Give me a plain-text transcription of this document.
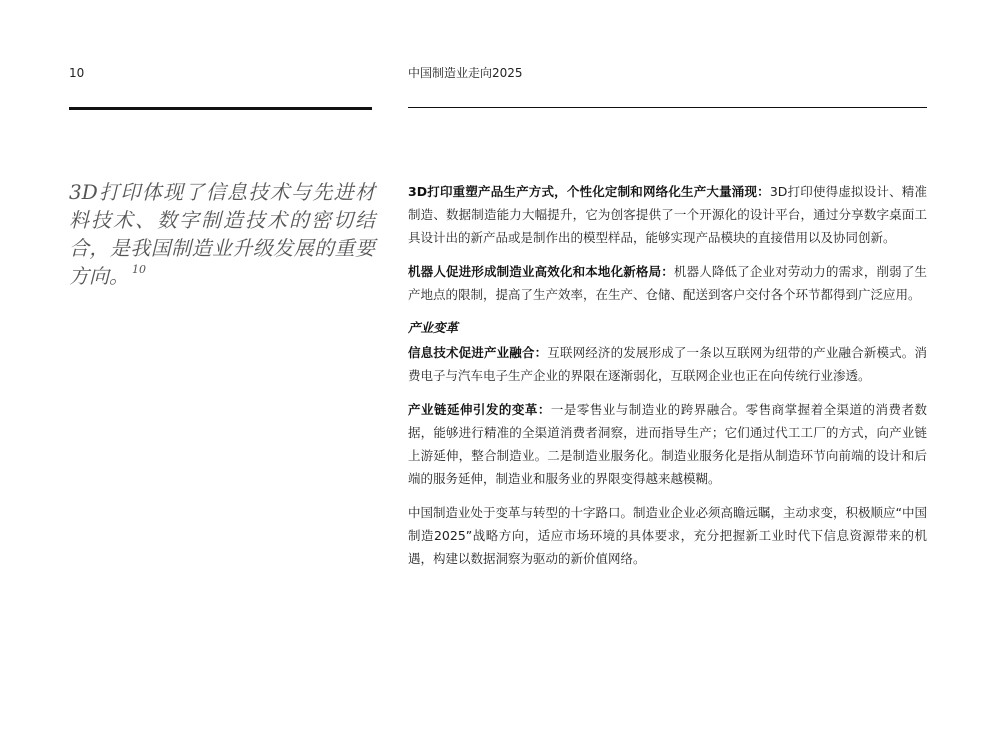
10	中国制造业走向2025

3D打印体现了信息技术与先进材料技术、数字制造技术的密切结合，是我国制造业升级发展的重要方向。 $^{10}$

3D打印重塑产品生产方式，个性化定制和网络化生产大量涌现：3D打印使得虚拟设计、精准制造、数据制造能力大幅提升，它为创客提供了一个开源化的设计平台，通过分享数字桌面工具设计出的新产品或是制作出的模型样品，能够实现产品模块的直接借用以及协同创新。

机器人促进形成制造业高效化和本地化新格局：机器人降低了企业对劳动力的需求，削弱了生产地点的限制，提高了生产效率，在生产、仓储、配送到客户交付各个环节都得到广泛应用。

产业变革

信息技术促进产业融合：互联网经济的发展形成了一条以互联网为纽带的产业融合新模式。消费电子与汽车电子生产企业的界限在逐渐弱化，互联网企业也正在向传统行业渗透。

产业链延伸引发的变革：一是零售业与制造业的跨界融合。零售商掌握着全渠道的消费者数据，能够进行精准的全渠道消费者洞察，进而指导生产；它们通过代工工厂的方式，向产业链上游延伸，整合制造业。二是制造业服务化。制造业服务化是指从制造环节向前端的设计和后端的服务延伸，制造业和服务业的界限变得越来越模糊。

中国制造业处于变革与转型的十字路口。制造业企业必须高瞻远瞩，主动求变，积极顺应“中国制造2025”战略方向，适应市场环境的具体要求，充分把握新工业时代下信息资源带来的机遇，构建以数据洞察为驱动的新价值网络。
